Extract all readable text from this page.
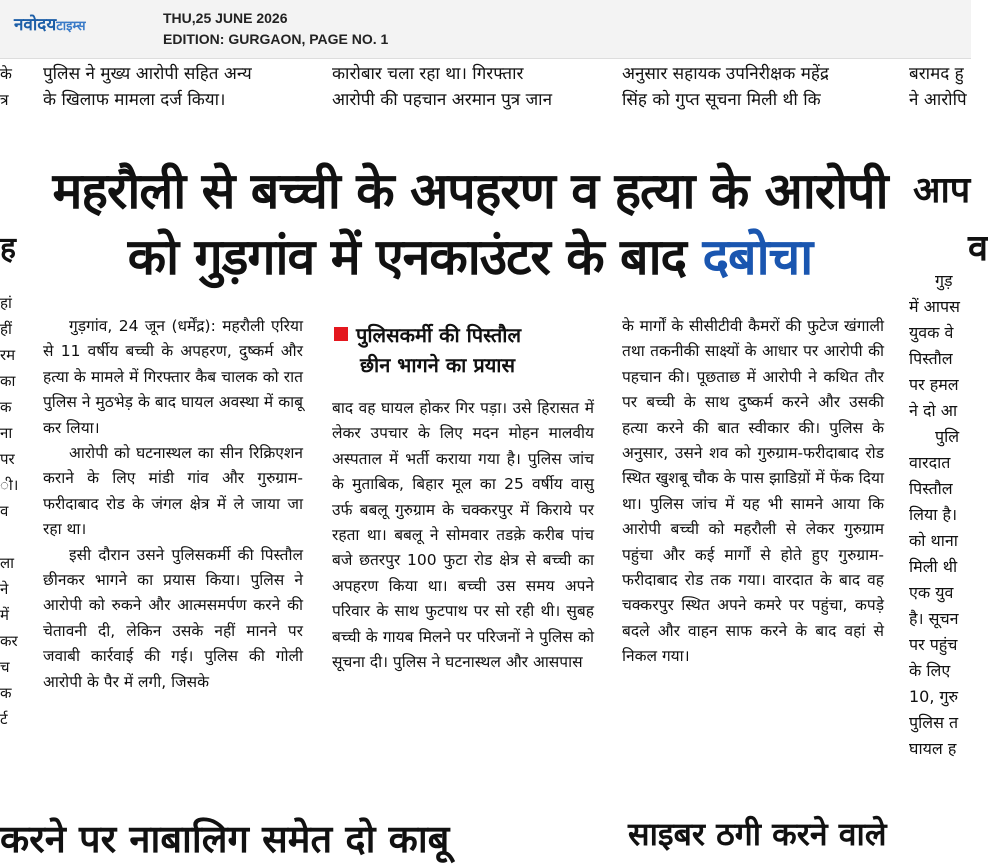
नवोदयटाइम्स
THU,25 JUNE 2026
EDITION: GURGAON, PAGE NO. 1
के
त्र
पुलिस ने मुख्य आरोपी सहित अन्य
के खिलाफ मामला दर्ज किया।
कारोबार चला रहा था। गिरफ्तार
आरोपी की पहचान अरमान पुत्र जान
अनुसार सहायक उपनिरीक्षक महेंद्र
सिंह को गुप्त सूचना मिली थी कि
बरामद हु
ने आरोपि
महरौली से बच्ची के अपहरण व हत्या के आरोपी
को गुड़गांव में एनकाउंटर के बाद दबोचा
आप
व
ह
हां
हीं
रम
का
क
ना
पर
ी।
व
ला
ने
में
कर
च
क
र्ट

गुड़गांव, 24 जून (धर्मेंद्र): महरौली एरिया से 11 वर्षीय बच्ची के अपहरण, दुष्कर्म और हत्या के मामले में गिरफ्तार कैब चालक को रात पुलिस ने मुठभेड़ के बाद घायल अवस्था में काबू कर लिया।

आरोपी को घटनास्थल का सीन रिक्रिएशन कराने के लिए मांडी गांव और गुरुग्राम-फरीदाबाद रोड के जंगल क्षेत्र में ले जाया जा रहा था।

इसी दौरान उसने पुलिसकर्मी की पिस्तौल छीनकर भागने का प्रयास किया। पुलिस ने आरोपी को रुकने और आत्मसमर्पण करने की चेतावनी दी, लेकिन उसके नहीं मानने पर जवाबी कार्रवाई की गई। पुलिस की गोली आरोपी के पैर में लगी, जिसके

पुलिसकर्मी की पिस्तौल
छीन भागने का प्रयास

बाद वह घायल होकर गिर पड़ा। उसे हिरासत में लेकर उपचार के लिए मदन मोहन मालवीय अस्पताल में भर्ती कराया गया है। पुलिस जांच के मुताबिक, बिहार मूल का 25 वर्षीय वासु उर्फ बबलू गुरुग्राम के चक्करपुर में किराये पर रहता था। बबलू ने सोमवार तडक़े करीब पांच बजे छतरपुर 100 फुटा रोड क्षेत्र से बच्ची का अपहरण किया था। बच्ची उस समय अपने परिवार के साथ फुटपाथ पर सो रही थी। सुबह बच्ची के गायब मिलने पर परिजनों ने पुलिस को सूचना दी। पुलिस ने घटनास्थल और आसपास

के मार्गों के सीसीटीवी कैमरों की फुटेज खंगाली तथा तकनीकी साक्ष्यों के आधार पर आरोपी की पहचान की। पूछताछ में आरोपी ने कथित तौर पर बच्ची के साथ दुष्कर्म करने और उसकी हत्या करने की बात स्वीकार की। पुलिस के अनुसार, उसने शव को गुरुग्राम-फरीदाबाद रोड स्थित खुशबू चौक के पास झाडिय़ों में फेंक दिया था। पुलिस जांच में यह भी सामने आया कि आरोपी बच्ची को महरौली से लेकर गुरुग्राम पहुंचा और कई मार्गों से होते हुए गुरुग्राम-फरीदाबाद रोड तक गया। वारदात के बाद वह चक्करपुर स्थित अपने कमरे पर पहुंचा, कपड़े बदले और वाहन साफ करने के बाद वहां से निकल गया।

गुड़
में आपस
युवक वे
पिस्तौल
पर हमल
ने दो आ
पुलि
वारदात
पिस्तौल
लिया है।
को थाना
मिली थी
एक युव
है। सूचन
पर पहुंच
के लिए
10, गुरु
पुलिस त
घायल ह
करने पर नाबालिग समेत दो काबू	साइबर ठगी करने वाले
